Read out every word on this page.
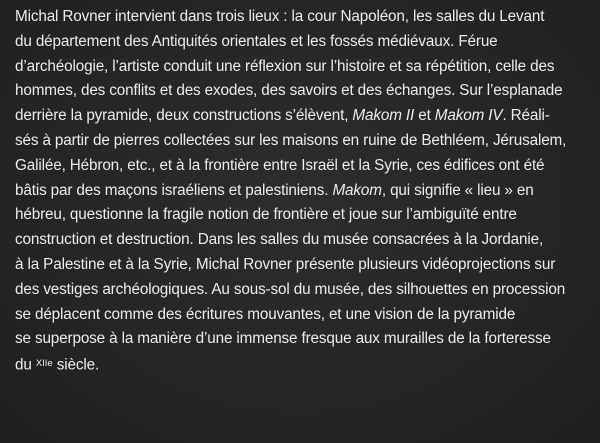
Michal Rovner intervient dans trois lieux : la cour Napoléon, les salles du Levant
du département des Antiquités orientales et les fossés médiévaux. Férue
d’archéologie, l’artiste conduit une réflexion sur l’histoire et sa répétition, celle des
hommes, des conflits et des exodes, des savoirs et des échanges. Sur l’esplanade
derrière la pyramide, deux constructions s’élèvent, Makom II et Makom IV. Réali-
sés à partir de pierres collectées sur les maisons en ruine de Bethléem, Jérusalem,
Galilée, Hébron, etc., et à la frontière entre Israël et la Syrie, ces édifices ont été
bâtis par des maçons israéliens et palestiniens. Makom, qui signifie « lieu » en
hébreu, questionne la fragile notion de frontière et joue sur l’ambiguïté entre
construction et destruction. Dans les salles du musée consacrées à la Jordanie,
à la Palestine et à la Syrie, Michal Rovner présente plusieurs vidéoprojections sur
des vestiges archéologiques. Au sous-sol du musée, des silhouettes en procession
se déplacent comme des écritures mouvantes, et une vision de la pyramide
se superpose à la manière d’une immense fresque aux murailles de la forteresse
du $^{XIIe}$ siècle.
